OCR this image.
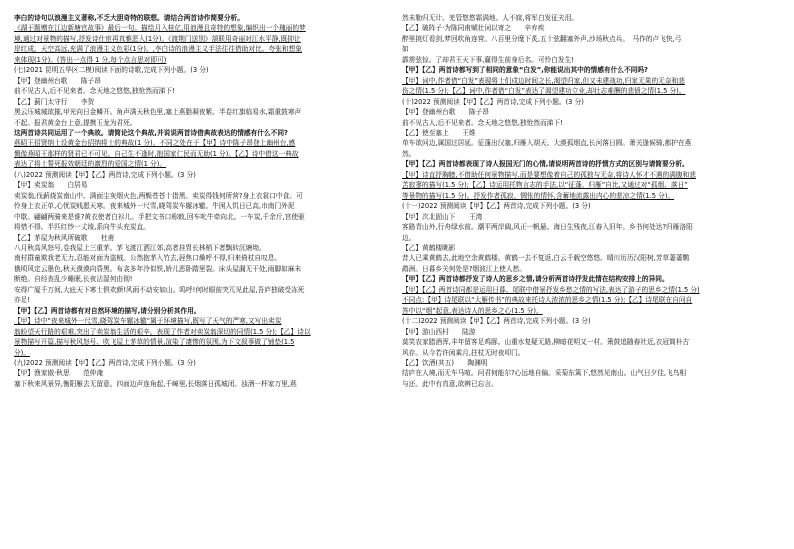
李白的诗句以浪漫主义著称,不乏大胆奇特的联想。请结合两首诗作简要分析。
《湖于题赠在江边新塘官故事》最后一句。描绘月入桂亿,用浪漫且奇特的想象,编织出一个瑰丽的梦
境,通过对景物的描写,抒发诗仕宦再真雅恶入(1分)。《渡荆门送别》颔联用奇丽对江水平静,既抑让
岸红成。天空高远,充满了浪漫主义色彩(1分)。,李白诗的浪漫主义手法往往借助对比、夸张和想象
来体现(1分)。(答出一点得 1 分,每个点言思对即可)
(七)2021 昆明五华区二模)阅读下面的诗歌,完成下列小题。(3 分)
【甲】登幽州台歌　　陈子昂
前不见古人,后不见来者。念天地之悠悠,独怆然而涕下!
【乙】蓟门太守行　　李贺
黑云压城城欲摧,甲光向日金鳞开。角声满天秋色里,塞上燕脂凝夜紫。半卷红旗临易水,霜重鼓寒声
不起。报君黄金台上意,提携玉龙为君死。
这两首诗共同运用了一个典故。请简论这个典故,并说说两首诗借典故表达的情感有什么不同?
燕昭王招贤纳士设黄金台招纳将士的典故(1 分)。不同之处在于【甲】诗中陈子昂登上幽州台,感
慨像燕昭王那样的贤君已不可见。自己生不逢时,抱国家仁民而无助(1 分)。【乙】诗中借这一典故
表达了将士誓死报效朝廷的激烈的爱国之情(1 分)。
(八)2022 预测阅读【甲】【乙】两首诗,完成下列小题。(3 分)
【甲】卖炭翁　　白居易
卖炭翁,伐薪烧炭南山中。满面尘灰烟火色,两鬓苍苍十指黑。卖炭得钱何所营?身上衣裳口中食。可
怜身上衣正单,心忧炭贱愿天寒。夜来城外一尺雪,晓驾炭车辗冰辙。牛困人饥日已高,市南门外泥
中歇。翩翩两骑来是谁?黄衣使者白衫儿。手把文书口称敕,回车叱牛牵向北。一车炭,千余斤,宫使驱
将惜不得。半匹红纱一丈绫,系向牛头充炭直。
【乙】茅屋为秋风所破歌　　杜甫
八月秋高风怒号,卷我屋上三重茅。茅飞渡江洒江郊,高者挂胃长林梢下者飘转沉塘坳。
南村群童欺我老无力,忍能对面为盗贼。公然抱茅入竹去,唇焦口燥呼不得,归来倚杖自叹息。
俄顷风定云墨色,秋天漠漠向昏黑。布衾多年冷似铁,娇儿恶卧踏里裂。床头屋漏无干处,雨脚如麻未
断绝。自经丧乱少睡眠,长夜沾湿何由彻!
安得广厦千万间,大庇天下寒士俱欢颜!风雨不动安如山。呜呼!何时眼前突兀见此屋,吾庐独破受冻死
亦足!
【甲】【乙】两首诗都有对自然环境的描写,请分别分析其作用。
【甲】诗中“夜来城外一尺雪,晓驾炭车辗冰辙”属于环境描写,既写了天气的严寒,又写出卖炭
翁盼望天行路的艰难,突出了卖炭翁生活的艰辛。表现了作者对卖炭翁深切的同情(1.5 分);【乙】诗以
景物描写开篇,描写秋风怒号、吹飞屋上茅草的情景,渲染了凄惨的氛围,为下文叙事做了铺垫(1.5
分)。
(九)2022 预测阅读【甲】【乙】两首诗,完成下列小题。(3 分)
【甲】渔家傲·秋思　　范仲淹
塞下秋来风景异,衡阳雁去无留意。四面边声连角起,千嶂里,长烟落日孤城闭。浊酒一杯家万里,燕
然未勒归无计。羌管悠悠霜满地。人不寐,将军白发征夫泪。
【乙】破阵子·为陈同甫赋壮词以寄之　　辛弃疾
醉里挑灯看剑,梦回吹角连营。八百里分麾下炙,五十弦翻塞外声,沙场秋点兵。　马作的卢飞快,弓
如
霹雳弦惊。了却君王天下事,赢得生前身后名。可怜白发生!
【甲】【乙】两首诗都写到了相同的意象“白发”,你能说出其中的情感有什么不同吗?
【甲】词中,作者借“白发”表现将士们戍边时间之长,渴望归家,但又未建战功,归家无果的无奈和悲
伤之情(1.5 分);【乙】词中,作者借“白发”表达了渴望建功立业,却壮志难酬的悲愤之情(1.5 分)。
(十)2022 预测阅读【甲】【乙】两首诗,完成下列小题。(3 分)
【甲】登幽州台歌　　陈子昂
前不见古人,后不见来者。念天地之悠悠,独怆然而涕下!
【乙】使至塞上　　王维
单车欲问边,属国过居延。征蓬出汉塞,归雁入胡天。大漠孤烟直,长河落日圆。萧关逢候骑,都护在燕
然。
【甲】【乙】两首诗都表现了诗人报国无门的心情,请说明两首诗的抒情方式的区别与请简要分析。
【甲】诗直抒胸臆,不借助任何景物描写,而是要想像着自己的孤独与无奈,将诗人怀才不遇的满腹和悲
苦寂寥的描写(1.5 分);【乙】诗运用托物言志的手法,以“征蓬、归雁”自比,又通过对“孤烟、落日”
等景物的描写(1.5 分)。抒发作者孤寂、惆怅的情怀,含蓄地流露出内心的悲凉之情(1.5 分)。
(十一)2022 预测阅读【甲】【乙】两首诗,完成下列小题。(3 分)
【甲】次北固山下　　王湾
客路青山外,行舟绿水前。潮平两岸阔,风正一帆悬。海日生残夜,江春入旧年。乡书何处达?归雁洛阳
边。
【乙】黄鹤楼眺影
昔人已乘黄鹤去,此地空余黄鹤楼。黄鹤一去不复返,白云千载空悠悠。晴川历历汉阳树,芳草萋萋鹦
鹉洲。日暮乡关何处是?烟波江上使人愁。
【甲】【乙】两首诗都抒发了诗人的思乡之情,请分析两首诗抒发此情在结构安排上的异同。
【甲】【乙】两首诗同都是运用日暮、尾联中借景抒发乡愁之情的写法,表达了游子的思乡之情(1.5 分)
不同点:【甲】诗尾联以“大雁传书”的典故来托诗人浓浓的思乡之情(1.5 分);【乙】诗尾联在自问自
答中以“烟”起意,表达诗人的思乡之心(1.5 分)。
(十二)2022 预测阅读【甲】【乙】两首诗,完成下列小题。(3 分)
【甲】游山西村　　陆游
莫笑农家腊酒浑,丰年留客足鸡豚。山重水复疑无路,柳暗花明又一村。箫鼓追随春社近,衣冠简朴古
风存。从今若许闲乘月,拄杖无时夜叩门。
【乙】饮酒(其五)　　陶渊明
结庐在人境,而无车马喧。问君何能尔?心远地自偏。采菊东篱下,悠然见南山。山气日夕佳,飞鸟相
与还。此中有真意,欲辨已忘言。
